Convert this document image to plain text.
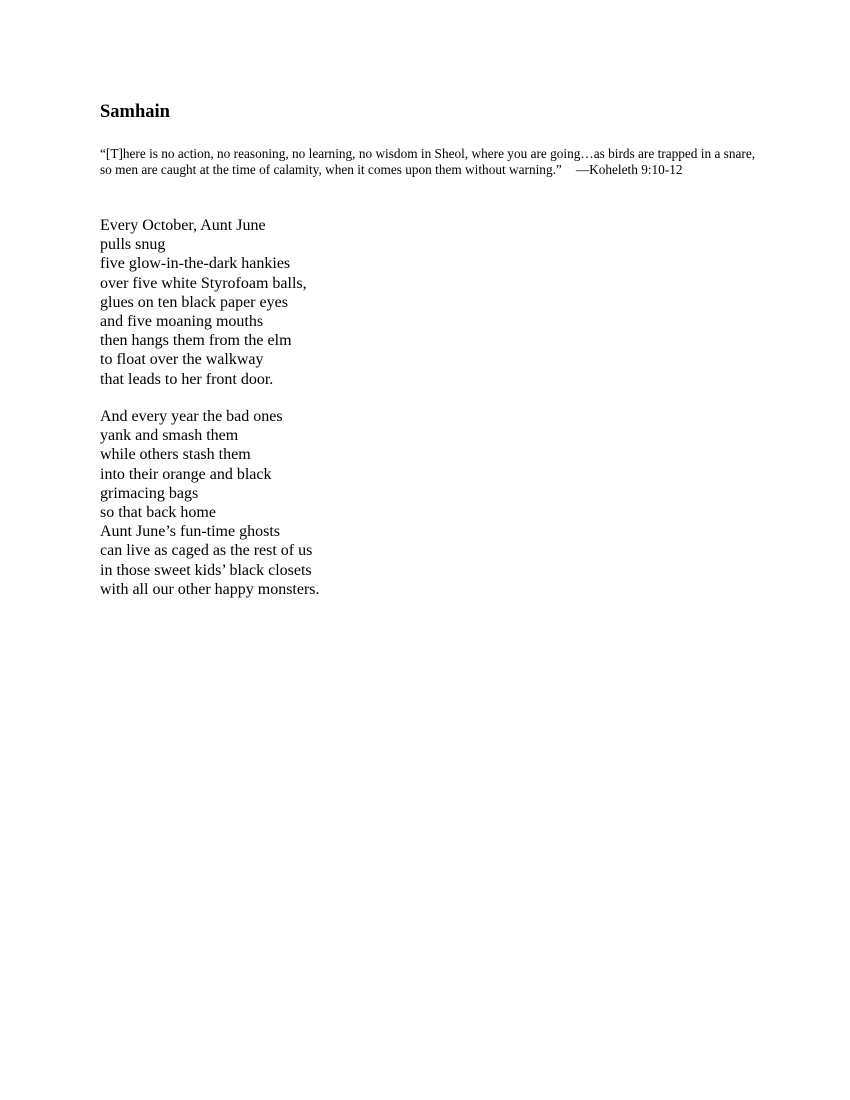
Samhain

“[T]here is no action, no reasoning, no learning, no wisdom in Sheol, where you are going…as birds are trapped in a snare, so men are caught at the time of calamity, when it comes upon them without warning.” —Koheleth 9:10-12

Every October, Aunt June
pulls snug
five glow-in-the-dark hankies
over five white Styrofoam balls,
glues on ten black paper eyes
and five moaning mouths
then hangs them from the elm
to float over the walkway
that leads to her front door.
And every year the bad ones
yank and smash them
while others stash them
into their orange and black
grimacing bags
so that back home
Aunt June’s fun-time ghosts
can live as caged as the rest of us
in those sweet kids’ black closets
with all our other happy monsters.
